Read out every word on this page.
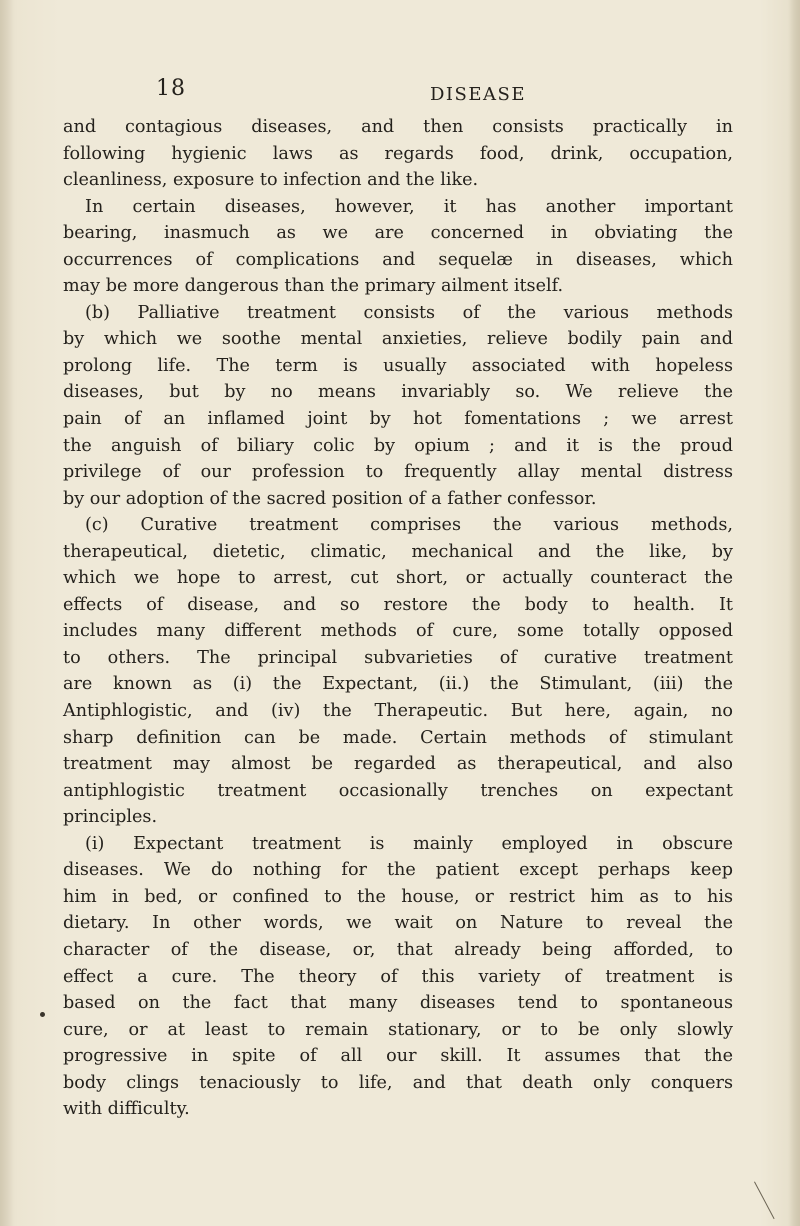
18	DISEASE
and contagious diseases, and then consists practically in
following hygienic laws as regards food, drink, occupation,
cleanliness, exposure to infection and the like.
In certain diseases, however, it has another important
bearing, inasmuch as we are concerned in obviating the
occurrences of complications and sequelæ in diseases, which
may be more dangerous than the primary ailment itself.
(b) Palliative treatment consists of the various methods
by which we soothe mental anxieties, relieve bodily pain and
prolong life. The term is usually associated with hopeless
diseases, but by no means invariably so. We relieve the
pain of an inflamed joint by hot fomentations ; we arrest
the anguish of biliary colic by opium ; and it is the proud
privilege of our profession to frequently allay mental distress
by our adoption of the sacred position of a father confessor.
(c) Curative treatment comprises the various methods,
therapeutical, dietetic, climatic, mechanical and the like, by
which we hope to arrest, cut short, or actually counteract the
effects of disease, and so restore the body to health. It
includes many different methods of cure, some totally opposed
to others. The principal subvarieties of curative treatment
are known as (i) the Expectant, (ii.) the Stimulant, (iii) the
Antiphlogistic, and (iv) the Therapeutic. But here, again, no
sharp definition can be made. Certain methods of stimulant
treatment may almost be regarded as therapeutical, and also
antiphlogistic treatment occasionally trenches on expectant
principles.
(i) Expectant treatment is mainly employed in obscure
diseases. We do nothing for the patient except perhaps keep
him in bed, or confined to the house, or restrict him as to his
dietary. In other words, we wait on Nature to reveal the
character of the disease, or, that already being afforded, to
effect a cure. The theory of this variety of treatment is
based on the fact that many diseases tend to spontaneous
cure, or at least to remain stationary, or to be only slowly
progressive in spite of all our skill. It assumes that the
body clings tenaciously to life, and that death only conquers
with difficulty.
